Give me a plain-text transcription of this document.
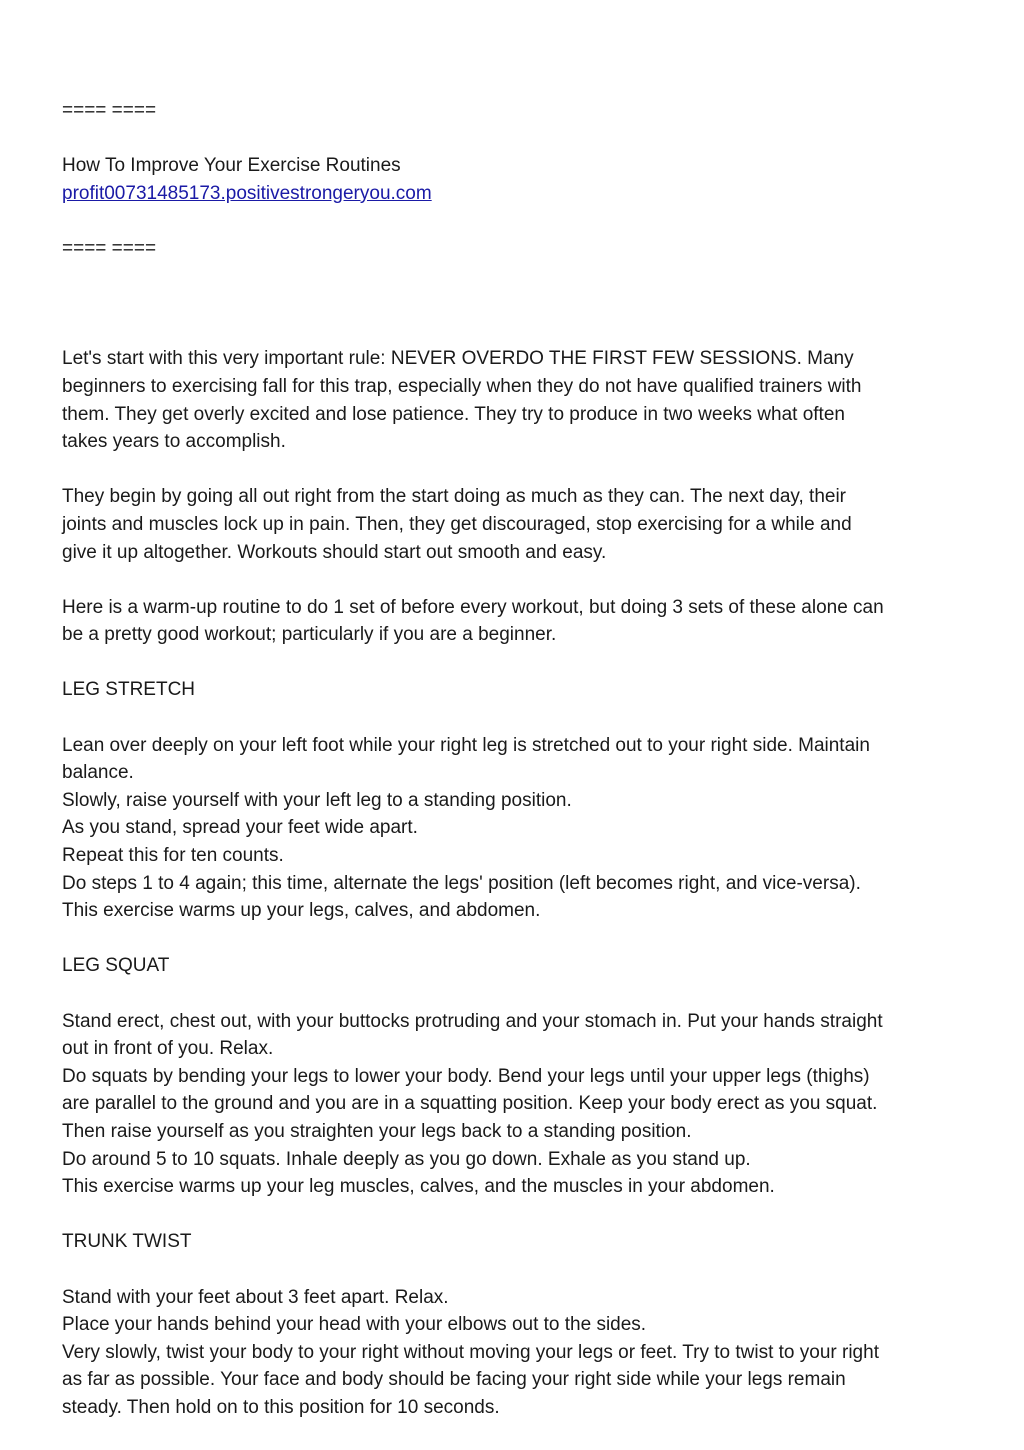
==== ====
How To Improve Your Exercise Routines
profit00731485173.positivestrongeryou.com
==== ====
Let's start with this very important rule: NEVER OVERDO THE FIRST FEW SESSIONS. Many
beginners to exercising fall for this trap, especially when they do not have qualified trainers with
them. They get overly excited and lose patience. They try to produce in two weeks what often
takes years to accomplish.
They begin by going all out right from the start doing as much as they can. The next day, their
joints and muscles lock up in pain. Then, they get discouraged, stop exercising for a while and
give it up altogether. Workouts should start out smooth and easy.
Here is a warm-up routine to do 1 set of before every workout, but doing 3 sets of these alone can
be a pretty good workout; particularly if you are a beginner.
LEG STRETCH
Lean over deeply on your left foot while your right leg is stretched out to your right side. Maintain
balance.
Slowly, raise yourself with your left leg to a standing position.
As you stand, spread your feet wide apart.
Repeat this for ten counts.
Do steps 1 to 4 again; this time, alternate the legs' position (left becomes right, and vice-versa).
This exercise warms up your legs, calves, and abdomen.
LEG SQUAT
Stand erect, chest out, with your buttocks protruding and your stomach in. Put your hands straight
out in front of you. Relax.
Do squats by bending your legs to lower your body. Bend your legs until your upper legs (thighs)
are parallel to the ground and you are in a squatting position. Keep your body erect as you squat.
Then raise yourself as you straighten your legs back to a standing position.
Do around 5 to 10 squats. Inhale deeply as you go down. Exhale as you stand up.
This exercise warms up your leg muscles, calves, and the muscles in your abdomen.
TRUNK TWIST
Stand with your feet about 3 feet apart. Relax.
Place your hands behind your head with your elbows out to the sides.
Very slowly, twist your body to your right without moving your legs or feet. Try to twist to your right
as far as possible. Your face and body should be facing your right side while your legs remain
steady. Then hold on to this position for 10 seconds.
